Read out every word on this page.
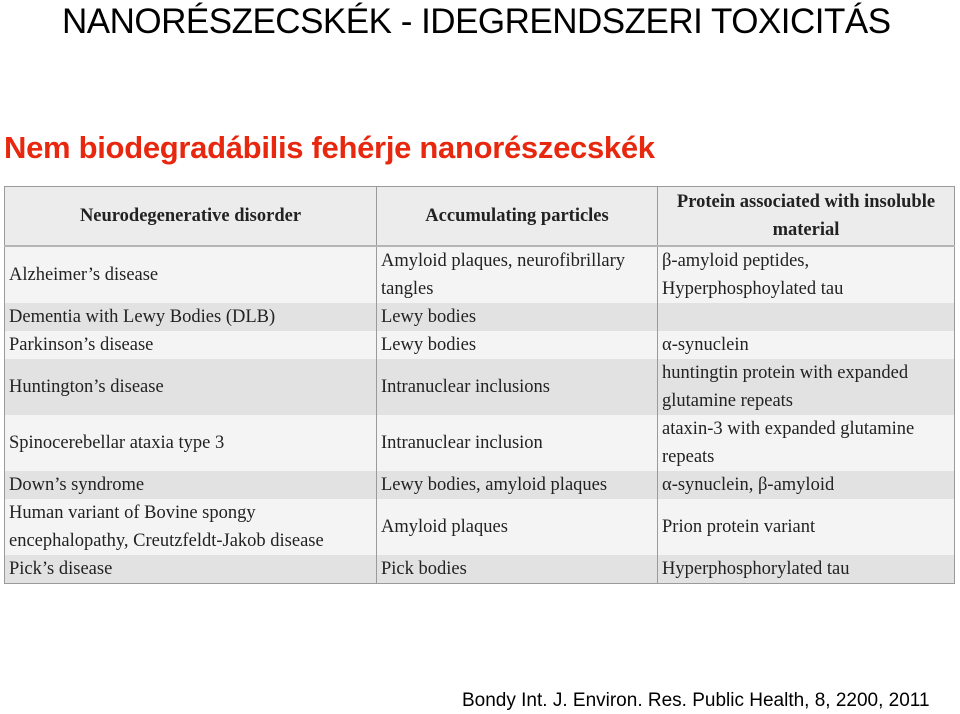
NANORÉSZECSKÉK - IDEGRENDSZERI TOXICITÁS
Nem biodegradábilis fehérje nanorészecskék
Neurodegenerative disorder	Accumulating particles	Protein associated with insoluble material
Alzheimer’s disease	Amyloid plaques, neurofibrillary tangles	β-amyloid peptides, Hyperphosphoylated tau
Dementia with Lewy Bodies (DLB)	Lewy bodies	
Parkinson’s disease	Lewy bodies	α-synuclein
Huntington’s disease	Intranuclear inclusions	huntingtin protein with expanded glutamine repeats
Spinocerebellar ataxia type 3	Intranuclear inclusion	ataxin-3 with expanded glutamine repeats
Down’s syndrome	Lewy bodies, amyloid plaques	α-synuclein, β-amyloid
Human variant of Bovine spongy encephalopathy, Creutzfeldt-Jakob disease	Amyloid plaques	Prion protein variant
Pick’s disease	Pick bodies	Hyperphosphorylated tau
Bondy Int. J. Environ. Res. Public Health, 8, 2200, 2011
